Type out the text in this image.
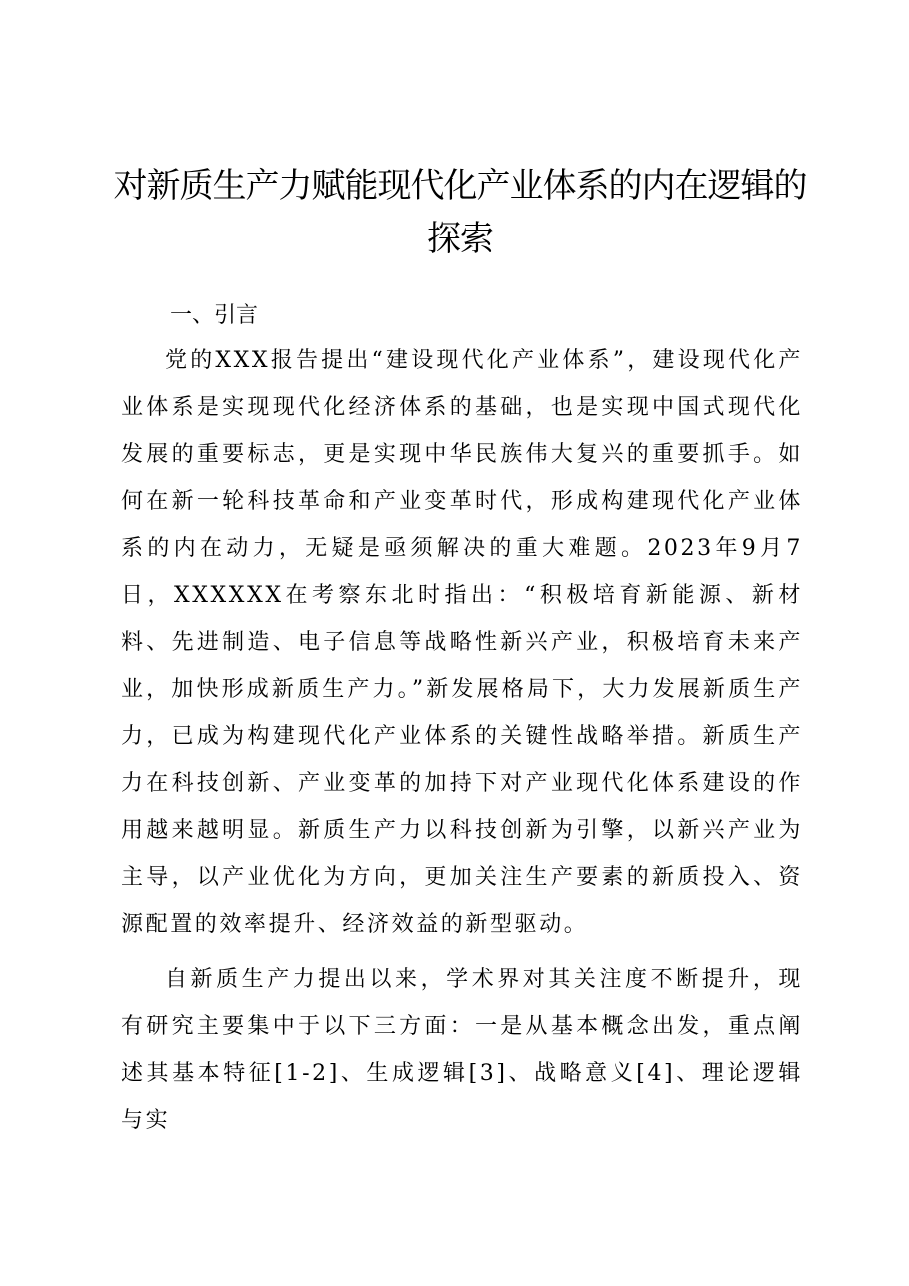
对新质生产力赋能现代化产业体系的内在逻辑的探索
一、引言

党的XXX报告提出“建设现代化产业体系”，建设现代化产业体系是实现现代化经济体系的基础，也是实现中国式现代化发展的重要标志，更是实现中华民族伟大复兴的重要抓手。如何在新一轮科技革命和产业变革时代，形成构建现代化产业体系的内在动力，无疑是亟须解决的重大难题。2023年9月7日，XXXXXX在考察东北时指出：“积极培育新能源、新材料、先进制造、电子信息等战略性新兴产业，积极培育未来产业，加快形成新质生产力。”新发展格局下，大力发展新质生产力，已成为构建现代化产业体系的关键性战略举措。新质生产力在科技创新、产业变革的加持下对产业现代化体系建设的作用越来越明显。新质生产力以科技创新为引擎，以新兴产业为主导，以产业优化为方向，更加关注生产要素的新质投入、资源配置的效率提升、经济效益的新型驱动。

自新质生产力提出以来，学术界对其关注度不断提升，现有研究主要集中于以下三方面：一是从基本概念出发，重点阐述其基本特征[1-2]、生成逻辑[3]、战略意义[4]、理论逻辑与实
